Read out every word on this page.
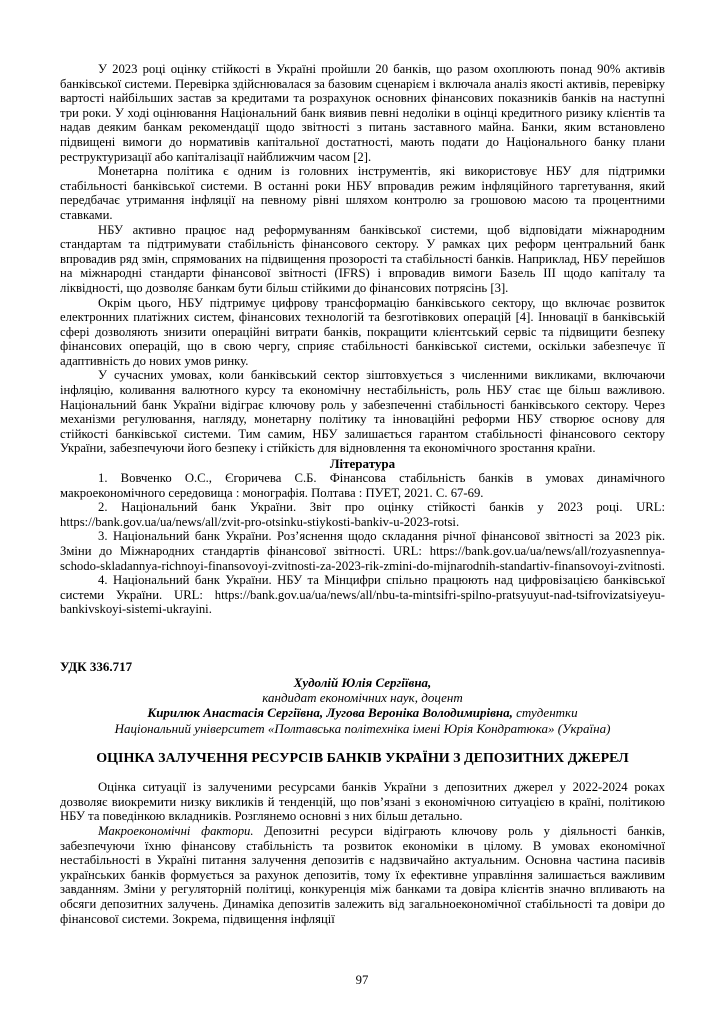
У 2023 році оцінку стійкості в Україні пройшли 20 банків, що разом охоплюють понад 90% активів банківської системи. Перевірка здійснювалася за базовим сценарієм і включала аналіз якості активів, перевірку вартості найбільших застав за кредитами та розрахунок основних фінансових показників банків на наступні три роки. У ході оцінювання Національний банк виявив певні недоліки в оцінці кредитного ризику клієнтів та надав деяким банкам рекомендації щодо звітності з питань заставного майна. Банки, яким встановлено підвищені вимоги до нормативів капітальної достатності, мають подати до Національного банку плани реструктуризації або капіталізації найближчим часом [2].

Монетарна політика є одним із головних інструментів, які використовує НБУ для підтримки стабільності банківської системи. В останні роки НБУ впровадив режим інфляційного таргетування, який передбачає утримання інфляції на певному рівні шляхом контролю за грошовою масою та процентними ставками.

НБУ активно працює над реформуванням банківської системи, щоб відповідати міжнародним стандартам та підтримувати стабільність фінансового сектору. У рамках цих реформ центральний банк впровадив ряд змін, спрямованих на підвищення прозорості та стабільності банків. Наприклад, НБУ перейшов на міжнародні стандарти фінансової звітності (IFRS) і впровадив вимоги Базель III щодо капіталу та ліквідності, що дозволяє банкам бути більш стійкими до фінансових потрясінь [3].

Окрім цього, НБУ підтримує цифрову трансформацію банківського сектору, що включає розвиток електронних платіжних систем, фінансових технологій та безготівкових операцій [4]. Інновації в банківській сфері дозволяють знизити операційні витрати банків, покращити клієнтський сервіс та підвищити безпеку фінансових операцій, що в свою чергу, сприяє стабільності банківської системи, оскільки забезпечує її адаптивність до нових умов ринку.

У сучасних умовах, коли банківський сектор зіштовхується з численними викликами, включаючи інфляцію, коливання валютного курсу та економічну нестабільність, роль НБУ стає ще більш важливою. Національний банк України відіграє ключову роль у забезпеченні стабільності банківського сектору. Через механізми регулювання, нагляду, монетарну політику та інноваційні реформи НБУ створює основу для стійкості банківської системи. Тим самим, НБУ залишається гарантом стабільності фінансового сектору України, забезпечуючи його безпеку і стійкість для відновлення та економічного зростання країни.

Література

1. Вовченко О.С., Єгоричева С.Б. Фінансова стабільність банків в умовах динамічного макроекономічного середовища : монографія. Полтава : ПУЕТ, 2021. С. 67-69.

2. Національний банк України. Звіт про оцінку стійкості банків у 2023 році. URL: https://bank.gov.ua/ua/news/all/zvit-pro-otsinku-stiykosti-bankiv-u-2023-rotsi.

3. Національний банк України. Роз’яснення щодо складання річної фінансової звітності за 2023 рік. Зміни до Міжнародних стандартів фінансової звітності. URL: https://bank.gov.ua/ua/news/all/rozyasnennya-schodo-skladannya-richnoyi-finansovoyi-zvitnosti-za-2023-rik-zmini-do-mijnarodnih-standartiv-finansovoyi-zvitnosti.

4. Національний банк України. НБУ та Мінцифри спільно працюють над цифровізацією банківської системи України. URL: https://bank.gov.ua/ua/news/all/nbu-ta-mintsifri-spilno-pratsyuyut-nad-tsifrovizatsiyeyu-bankivskoyi-sistemi-ukrayini.

УДК 336.717

Худолій Юлія Сергіївна,

кандидат економічних наук, доцент

Кирилюк Анастасія Сергіївна, Лугова Вероніка Володимирівна, студентки

Національний університет «Полтавська політехніка імені Юрія Кондратюка» (Україна)

ОЦІНКА ЗАЛУЧЕННЯ РЕСУРСІВ БАНКІВ УКРАЇНИ З ДЕПОЗИТНИХ ДЖЕРЕЛ

Оцінка ситуації із залученими ресурсами банків України з депозитних джерел у 2022-2024 роках дозволяє виокремити низку викликів й тенденцій, що пов’язані з економічною ситуацією в країні, політикою НБУ та поведінкою вкладників. Розглянемо основні з них більш детально.

Макроекономічні фактори. Депозитні ресурси відіграють ключову роль у діяльності банків, забезпечуючи їхню фінансову стабільність та розвиток економіки в цілому. В умовах економічної нестабільності в Україні питання залучення депозитів є надзвичайно актуальним. Основна частина пасивів українських банків формується за рахунок депозитів, тому їх ефективне управління залишається важливим завданням. Зміни у регуляторній політиці, конкуренція між банками та довіра клієнтів значно впливають на обсяги депозитних залучень. Динаміка депозитів залежить від загальноекономічної стабільності та довіри до фінансової системи. Зокрема, підвищення інфляції

97
